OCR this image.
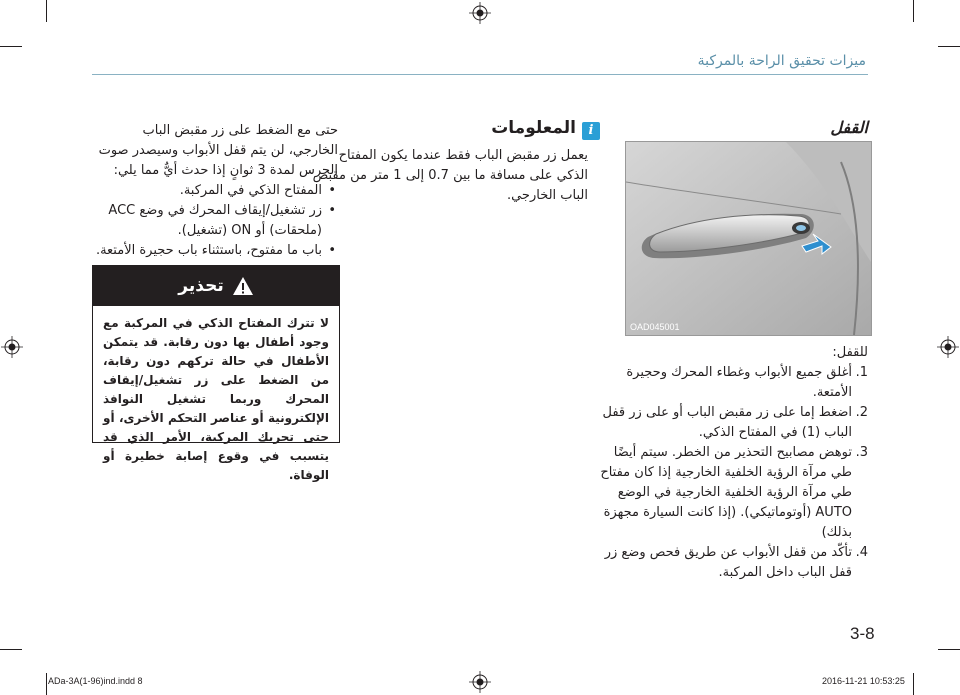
ميزات تحقيق الراحة بالمركبة
القفل
OAD045001
للقفل:
1.
أغلق جميع الأبواب وغطاء المحرك وحجيرة الأمتعة.
2.
اضغط إما على زر مقبض الباب أو على زر قفل الباب (1) في المفتاح الذكي.
3.
توهض مصابيح التحذير من الخطر. سيتم أيضًا طي مرآة الرؤية الخلفية الخارجية إذا كان مفتاح طي مرآة الرؤية الخلفية الخارجية في الوضع AUTO (أوتوماتيكي). (إذا كانت السيارة مجهزة بذلك)
4.
تأكّد من قفل الأبواب عن طريق فحص وضع زر قفل الباب داخل المركبة.
i
المعلومات

يعمل زر مقبض الباب فقط عندما يكون المفتاح الذكي على مسافة ما بين 0.7 إلى 1 متر من مقبض الباب الخارجي.

حتى مع الضغط على زر مقبض الباب الخارجي، لن يتم قفل الأبواب وسيصدر صوت الجرس لمدة 3 ثوانٍ إذا حدث أيٌّ مما يلي:

• المفتاح الذكي في المركبة.
• زر تشغيل/إيقاف المحرك في وضع ACC (ملحقات) أو ON (تشغيل).
• باب ما مفتوح، باستثناء باب حجيرة الأمتعة.
تحذير
لا تترك المفتاح الذكي في المركبة مع وجود أطفال بها دون رقابة. قد يتمكن الأطفال في حالة تركهم دون رقابة، من الضغط على زر تشغيل/إيقاف المحرك وربما تشغيل النوافذ الإلكترونية أو عناصر التحكم الأخرى، أو حتى تحريك المركبة، الأمر الذي قد يتسبب في وقوع إصابة خطيرة أو الوفاة.
3-8
ADa-3A(1-96)ind.indd 8	2016-11-21 10:53:25
